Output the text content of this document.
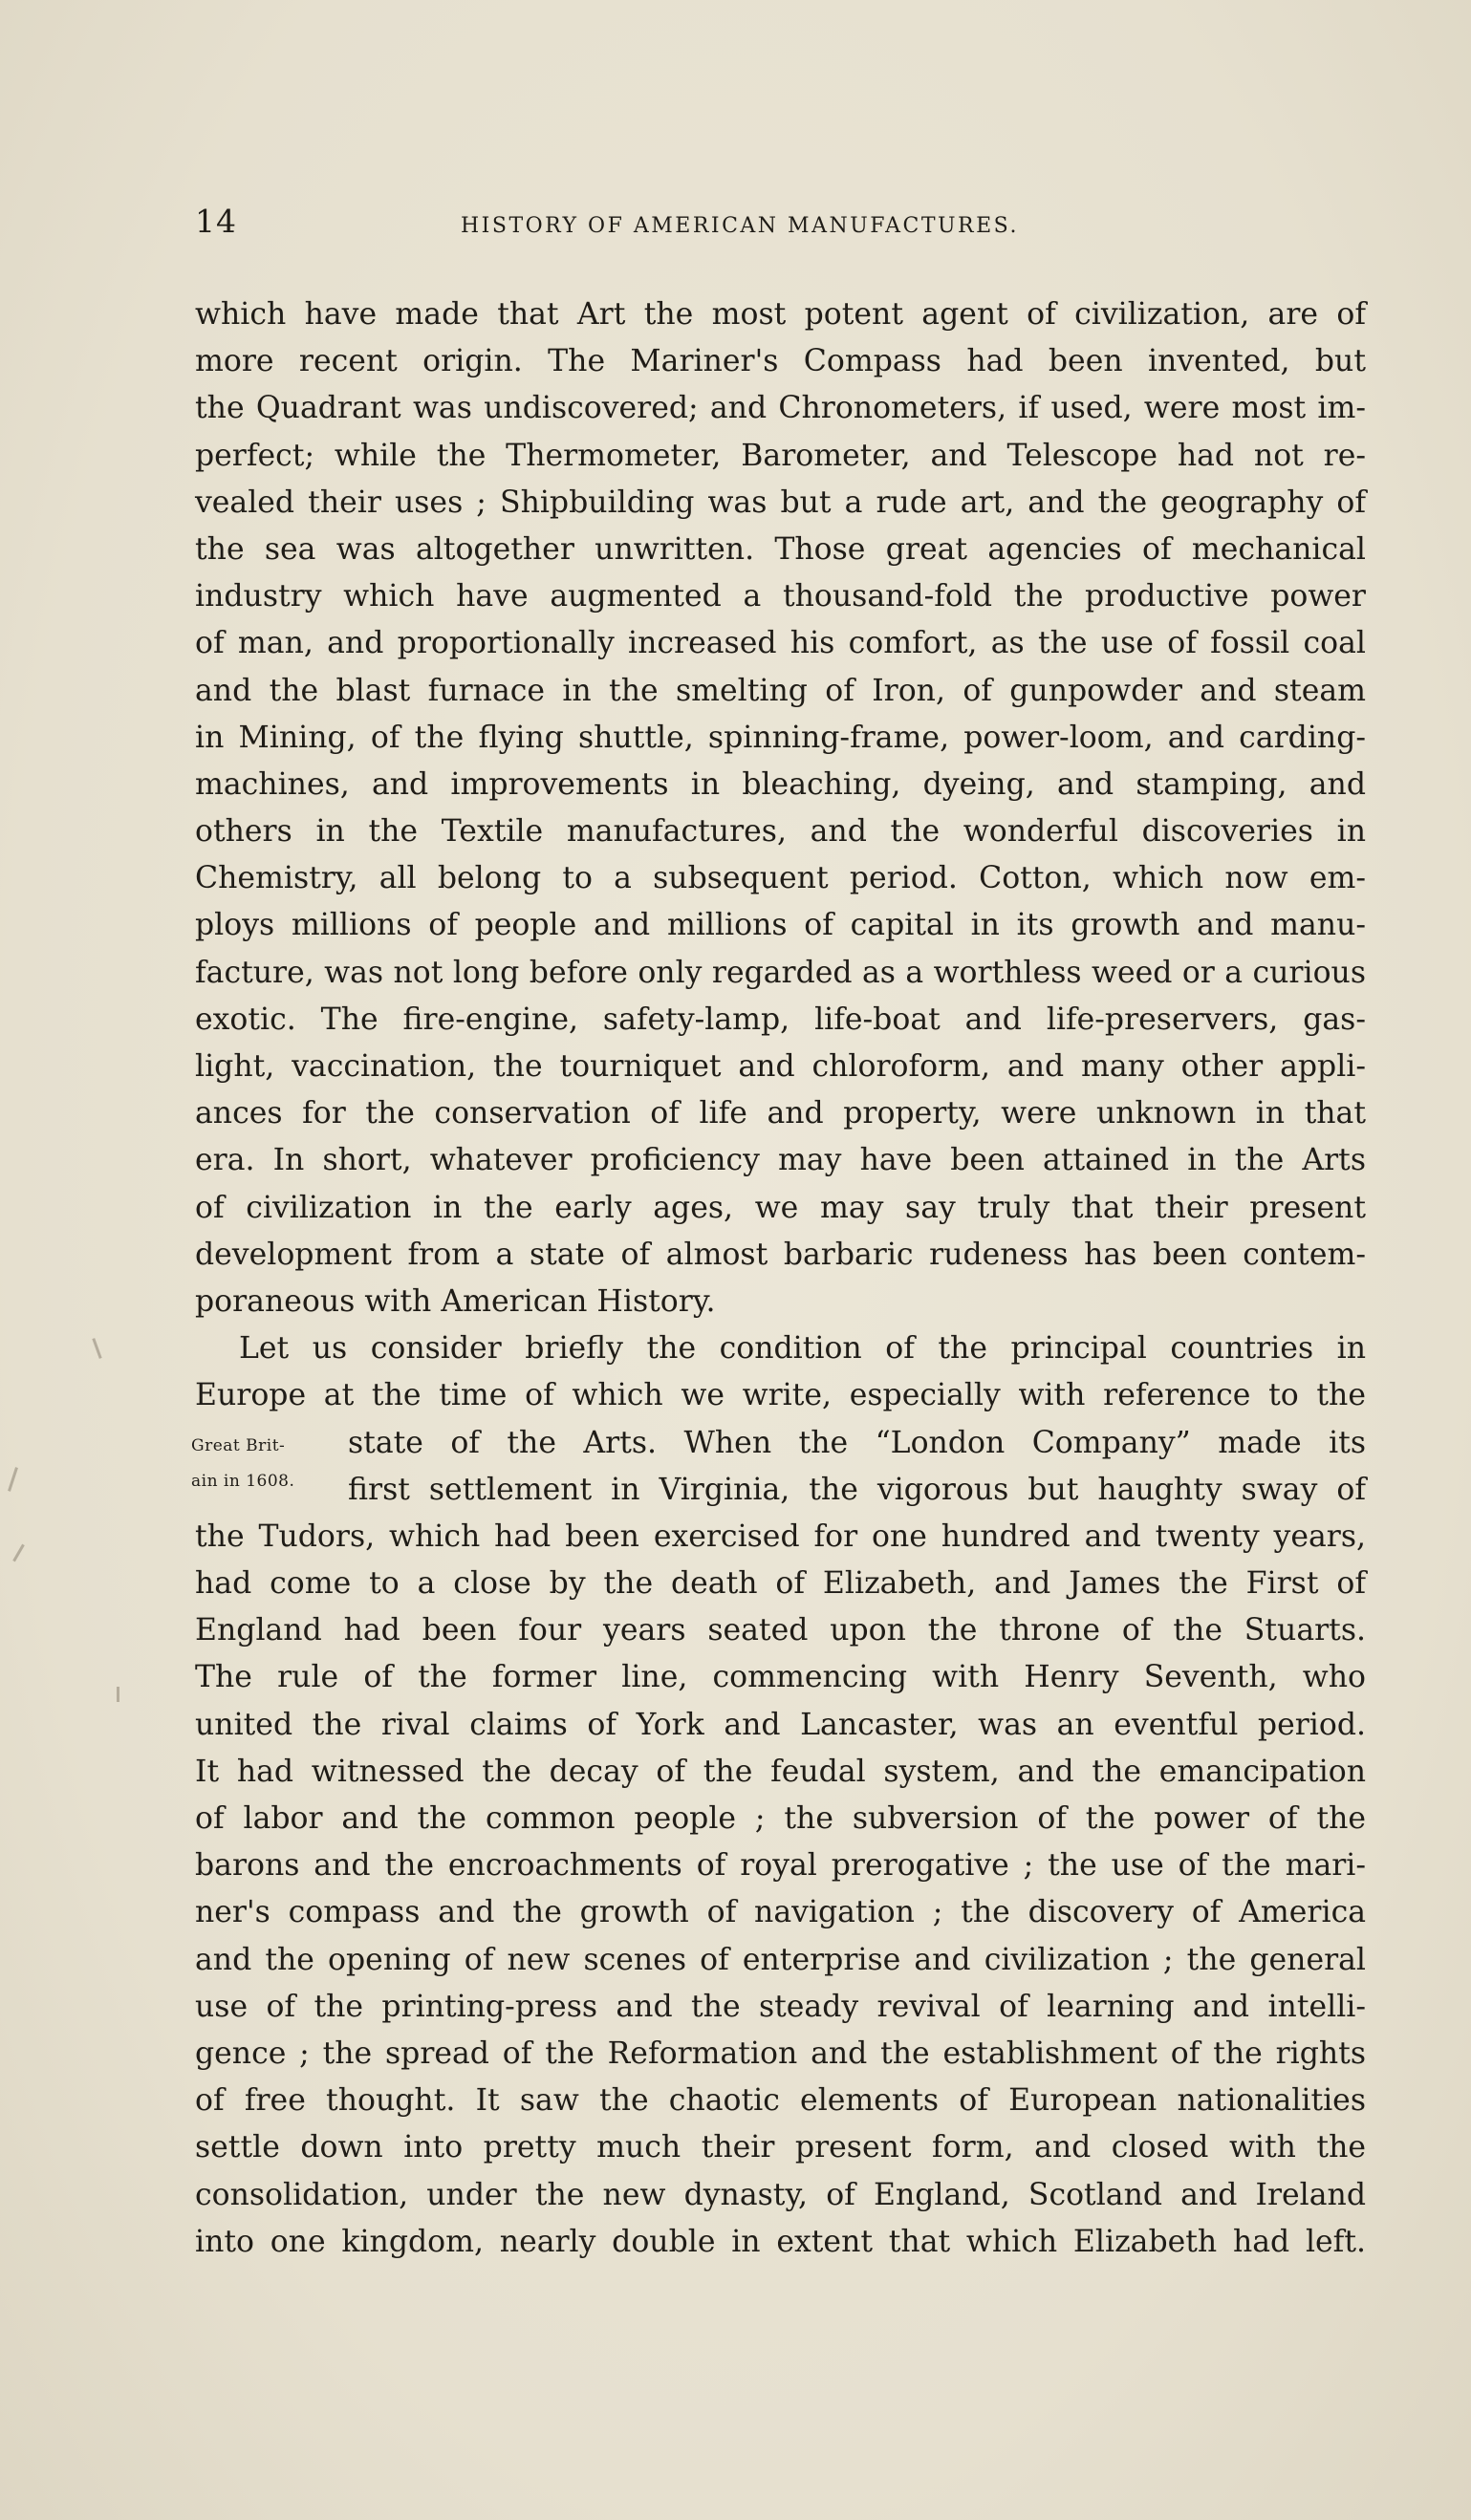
14	HISTORY OF AMERICAN MANUFACTURES.
which have made that Art the most potent agent of civilization, are of
more recent origin. The Mariner's Compass had been invented, but
the Quadrant was undiscovered; and Chronometers, if used, were most im-
perfect; while the Thermometer, Barometer, and Telescope had not re-
vealed their uses ; Shipbuilding was but a rude art, and the geography of
the sea was altogether unwritten. Those great agencies of mechanical
industry which have augmented a thousand-fold the productive power
of man, and proportionally increased his comfort, as the use of fossil coal
and the blast furnace in the smelting of Iron, of gunpowder and steam
in Mining, of the flying shuttle, spinning-frame, power-loom, and carding-
machines, and improvements in bleaching, dyeing, and stamping, and
others in the Textile manufactures, and the wonderful discoveries in
Chemistry, all belong to a subsequent period. Cotton, which now em-
ploys millions of people and millions of capital in its growth and manu-
facture, was not long before only regarded as a worthless weed or a curious
exotic. The fire-engine, safety-lamp, life-boat and life-preservers, gas-
light, vaccination, the tourniquet and chloroform, and many other appli-
ances for the conservation of life and property, were unknown in that
era. In short, whatever proficiency may have been attained in the Arts
of civilization in the early ages, we may say truly that their present
development from a state of almost barbaric rudeness has been contem-
poraneous with American History.
Let us consider briefly the condition of the principal countries in
Europe at the time of which we write, especially with reference to the
Great Brit- state of the Arts. When the “London Company” made its
ain in 1608. first settlement in Virginia, the vigorous but haughty sway of
the Tudors, which had been exercised for one hundred and twenty years,
had come to a close by the death of Elizabeth, and James the First of
England had been four years seated upon the throne of the Stuarts.
The rule of the former line, commencing with Henry Seventh, who
united the rival claims of York and Lancaster, was an eventful period.
It had witnessed the decay of the feudal system, and the emancipation
of labor and the common people ; the subversion of the power of the
barons and the encroachments of royal prerogative ; the use of the mari-
ner's compass and the growth of navigation ; the discovery of America
and the opening of new scenes of enterprise and civilization ; the general
use of the printing-press and the steady revival of learning and intelli-
gence ; the spread of the Reformation and the establishment of the rights
of free thought. It saw the chaotic elements of European nationalities
settle down into pretty much their present form, and closed with the
consolidation, under the new dynasty, of England, Scotland and Ireland
into one kingdom, nearly double in extent that which Elizabeth had left.
